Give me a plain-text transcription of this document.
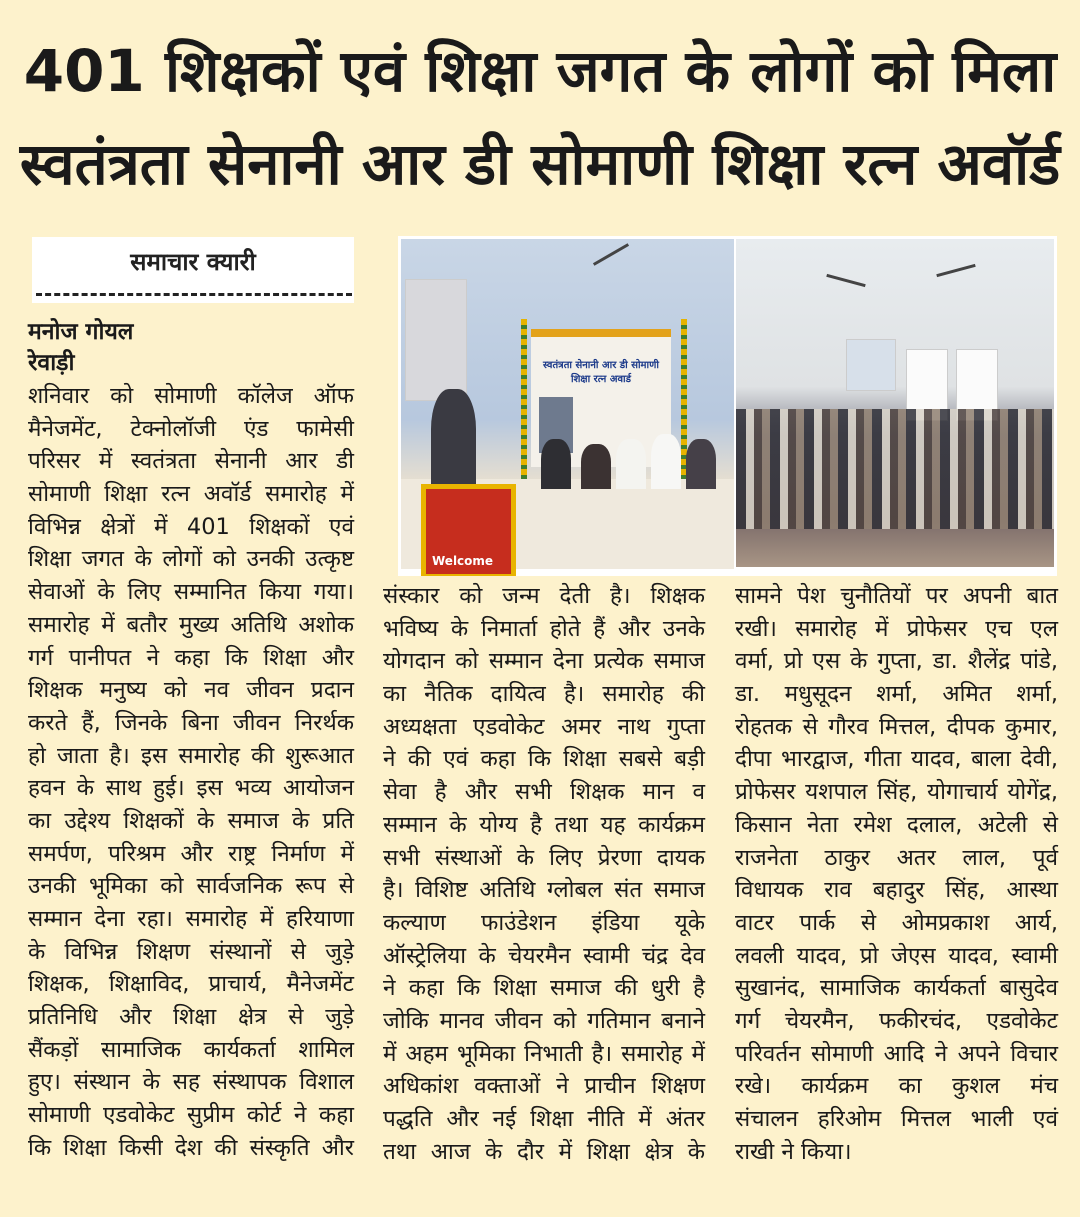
401 शिक्षकों एवं शिक्षा जगत के लोगों को मिला
स्वतंत्रता सेनानी आर डी सोमाणी शिक्षा रत्न अवॉर्ड
समाचार क्यारी
मनोज गोयल
रेवाड़ी	स्वतंत्रता सेनानी आर डी सोमाणी शिक्षा रत्न अवार्ड
Welcome
शनिवार को सोमाणी कॉलेज ऑफ
मैनेजमेंट, टेक्नोलॉजी एंड फामेसी
परिसर में स्वतंत्रता सेनानी आर डी
सोमाणी शिक्षा रत्न अवॉर्ड समारोह में
विभिन्न क्षेत्रों में 401 शिक्षकों एवं
शिक्षा जगत के लोगों को उनकी उत्कृष्ट
सेवाओं के लिए सम्मानित किया गया।
समारोह में बतौर मुख्य अतिथि अशोक
गर्ग पानीपत ने कहा कि शिक्षा और
शिक्षक मनुष्य को नव जीवन प्रदान
करते हैं, जिनके बिना जीवन निरर्थक
हो जाता है। इस समारोह की शुरूआत
हवन के साथ हुई। इस भव्य आयोजन
का उद्देश्य शिक्षकों के समाज के प्रति
समर्पण, परिश्रम और राष्ट्र निर्माण में
उनकी भूमिका को सार्वजनिक रूप से
सम्मान देना रहा। समारोह में हरियाणा
के विभिन्न शिक्षण संस्थानों से जुड़े
शिक्षक, शिक्षाविद, प्राचार्य, मैनेजमेंट
प्रतिनिधि और शिक्षा क्षेत्र से जुड़े
सैंकड़ों सामाजिक कार्यकर्ता शामिल
हुए। संस्थान के सह संस्थापक विशाल
सोमाणी एडवोकेट सुप्रीम कोर्ट ने कहा
कि शिक्षा किसी देश की संस्कृति और
संस्कार को जन्म देती है। शिक्षक
भविष्य के निमार्ता होते हैं और उनके
योगदान को सम्मान देना प्रत्येक समाज
का नैतिक दायित्व है। समारोह की
अध्यक्षता एडवोकेट अमर नाथ गुप्ता
ने की एवं कहा कि शिक्षा सबसे बड़ी
सेवा है और सभी शिक्षक मान व
सम्मान के योग्य है तथा यह कार्यक्रम
सभी संस्थाओं के लिए प्रेरणा दायक
है। विशिष्ट अतिथि ग्लोबल संत समाज
कल्याण फाउंडेशन इंडिया यूके
ऑस्ट्रेलिया के चेयरमैन स्वामी चंद्र देव
ने कहा कि शिक्षा समाज की धुरी है
जोकि मानव जीवन को गतिमान बनाने
में अहम भूमिका निभाती है। समारोह में
अधिकांश वक्ताओं ने प्राचीन शिक्षण
पद्धति और नई शिक्षा नीति में अंतर
तथा आज के दौर में शिक्षा क्षेत्र के
सामने पेश चुनौतियों पर अपनी बात
रखी। समारोह में प्रोफेसर एच एल
वर्मा, प्रो एस के गुप्ता, डा. शैलेंद्र पांडे,
डा. मधुसूदन शर्मा, अमित शर्मा,
रोहतक से गौरव मित्तल, दीपक कुमार,
दीपा भारद्वाज, गीता यादव, बाला देवी,
प्रोफेसर यशपाल सिंह, योगाचार्य योगेंद्र,
किसान नेता रमेश दलाल, अटेली से
राजनेता ठाकुर अतर लाल, पूर्व
विधायक राव बहादुर सिंह, आस्था
वाटर पार्क से ओमप्रकाश आर्य,
लवली यादव, प्रो जेएस यादव, स्वामी
सुखानंद, सामाजिक कार्यकर्ता बासुदेव
गर्ग चेयरमैन, फकीरचंद, एडवोकेट
परिवर्तन सोमाणी आदि ने अपने विचार
रखे। कार्यक्रम का कुशल मंच
संचालन हरिओम मित्तल भाली एवं
राखी ने किया।
